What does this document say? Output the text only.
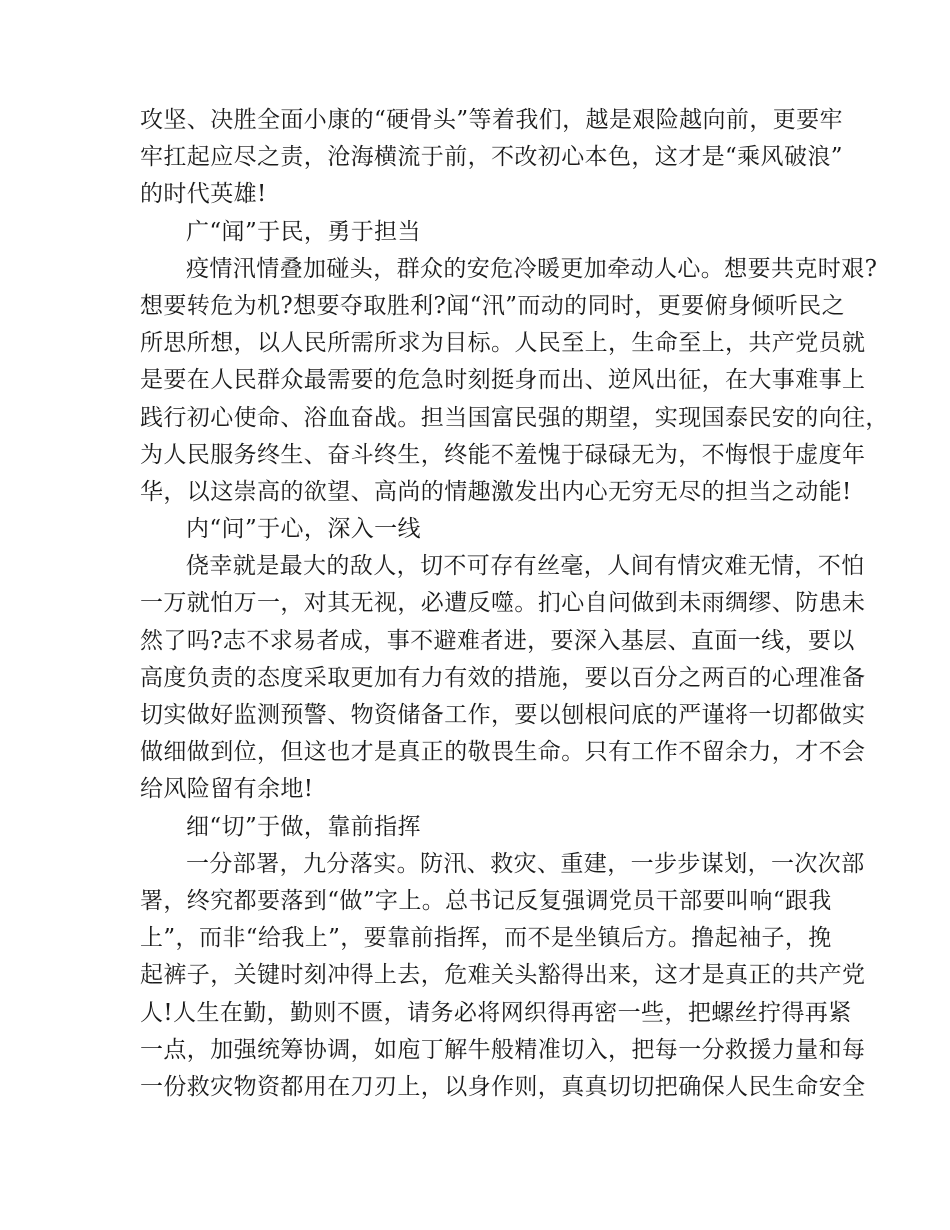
攻坚、决胜全面小康的“硬骨头”等着我们，越是艰险越向前，更要牢
牢扛起应尽之责，沧海横流于前，不改初心本色，这才是“乘风破浪”
的时代英雄!
广“闻”于民，勇于担当
疫情汛情叠加碰头，群众的安危冷暖更加牵动人心。想要共克时艰?
想要转危为机?想要夺取胜利?闻“汛”而动的同时，更要俯身倾听民之
所思所想，以人民所需所求为目标。人民至上，生命至上，共产党员就
是要在人民群众最需要的危急时刻挺身而出、逆风出征，在大事难事上
践行初心使命、浴血奋战。担当国富民强的期望，实现国泰民安的向往，
为人民服务终生、奋斗终生，终能不羞愧于碌碌无为，不悔恨于虚度年
华，以这崇高的欲望、高尚的情趣激发出内心无穷无尽的担当之动能!
内“问”于心，深入一线
侥幸就是最大的敌人，切不可存有丝毫，人间有情灾难无情，不怕
一万就怕万一，对其无视，必遭反噬。扪心自问做到未雨绸缪、防患未
然了吗?志不求易者成，事不避难者进，要深入基层、直面一线，要以
高度负责的态度采取更加有力有效的措施，要以百分之两百的心理准备
切实做好监测预警、物资储备工作，要以刨根问底的严谨将一切都做实
做细做到位，但这也才是真正的敬畏生命。只有工作不留余力，才不会
给风险留有余地!
细“切”于做，靠前指挥
一分部署，九分落实。防汛、救灾、重建，一步步谋划，一次次部
署，终究都要落到“做”字上。总书记反复强调党员干部要叫响“跟我
上”，而非“给我上”，要靠前指挥，而不是坐镇后方。撸起袖子，挽
起裤子，关键时刻冲得上去，危难关头豁得出来，这才是真正的共产党
人!人生在勤，勤则不匮，请务必将网织得再密一些，把螺丝拧得再紧
一点，加强统筹协调，如庖丁解牛般精准切入，把每一分救援力量和每
一份救灾物资都用在刀刃上，以身作则，真真切切把确保人民生命安全
